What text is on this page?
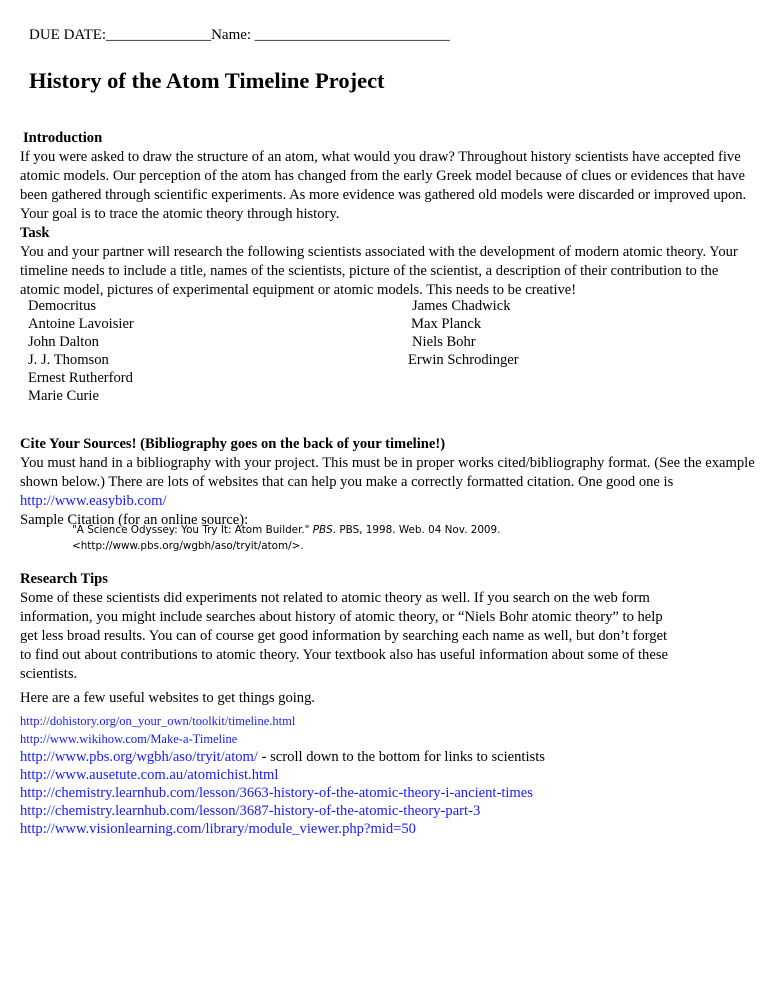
DUE DATE:______________Name: __________________________
History of the Atom Timeline Project

Introduction

If you were asked to draw the structure of an atom, what would you draw? Throughout history scientists have accepted five atomic models. Our perception of the atom has changed from the early Greek model because of clues or evidences that have been gathered through scientific experiments. As more evidence was gathered old models were discarded or improved upon. Your goal is to trace the atomic theory through history.

Task

You and your partner will research the following scientists associated with the development of modern atomic theory. Your timeline needs to include a title, names of the scientists, picture of the scientist, a description of their contribution to the atomic model, pictures of experimental equipment or atomic models. This needs to be creative!

Democritus
Antoine Lavoisier
John Dalton
J. J. Thomson
Ernest Rutherford
Marie Curie
James Chadwick
Max Planck
Niels Bohr
Erwin Schrodinger

Cite Your Sources! (Bibliography goes on the back of your timeline!)

You must hand in a bibliography with your project. This must be in proper works cited/bibliography format. (See the example shown below.) There are lots of websites that can help you make a correctly formatted citation. One good one is http://www.easybib.com/

Sample Citation (for an online source):

"A Science Odyssey: You Try It: Atom Builder." PBS. PBS, 1998. Web. 04 Nov. 2009.
<http://www.pbs.org/wgbh/aso/tryit/atom/>.

Research Tips

Some of these scientists did experiments not related to atomic theory as well. If you search on the web form information, you might include searches about history of atomic theory, or “Niels Bohr atomic theory” to help get less broad results. You can of course get good information by searching each name as well, but don’t forget to find out about contributions to atomic theory. Your textbook also has useful information about some of these scientists.

Here are a few useful websites to get things going.
http://dohistory.org/on_your_own/toolkit/timeline.html
http://www.wikihow.com/Make-a-Timeline
http://www.pbs.org/wgbh/aso/tryit/atom/ - scroll down to the bottom for links to scientists
http://www.ausetute.com.au/atomichist.html
http://chemistry.learnhub.com/lesson/3663-history-of-the-atomic-theory-i-ancient-times
http://chemistry.learnhub.com/lesson/3687-history-of-the-atomic-theory-part-3
http://www.visionlearning.com/library/module_viewer.php?mid=50
